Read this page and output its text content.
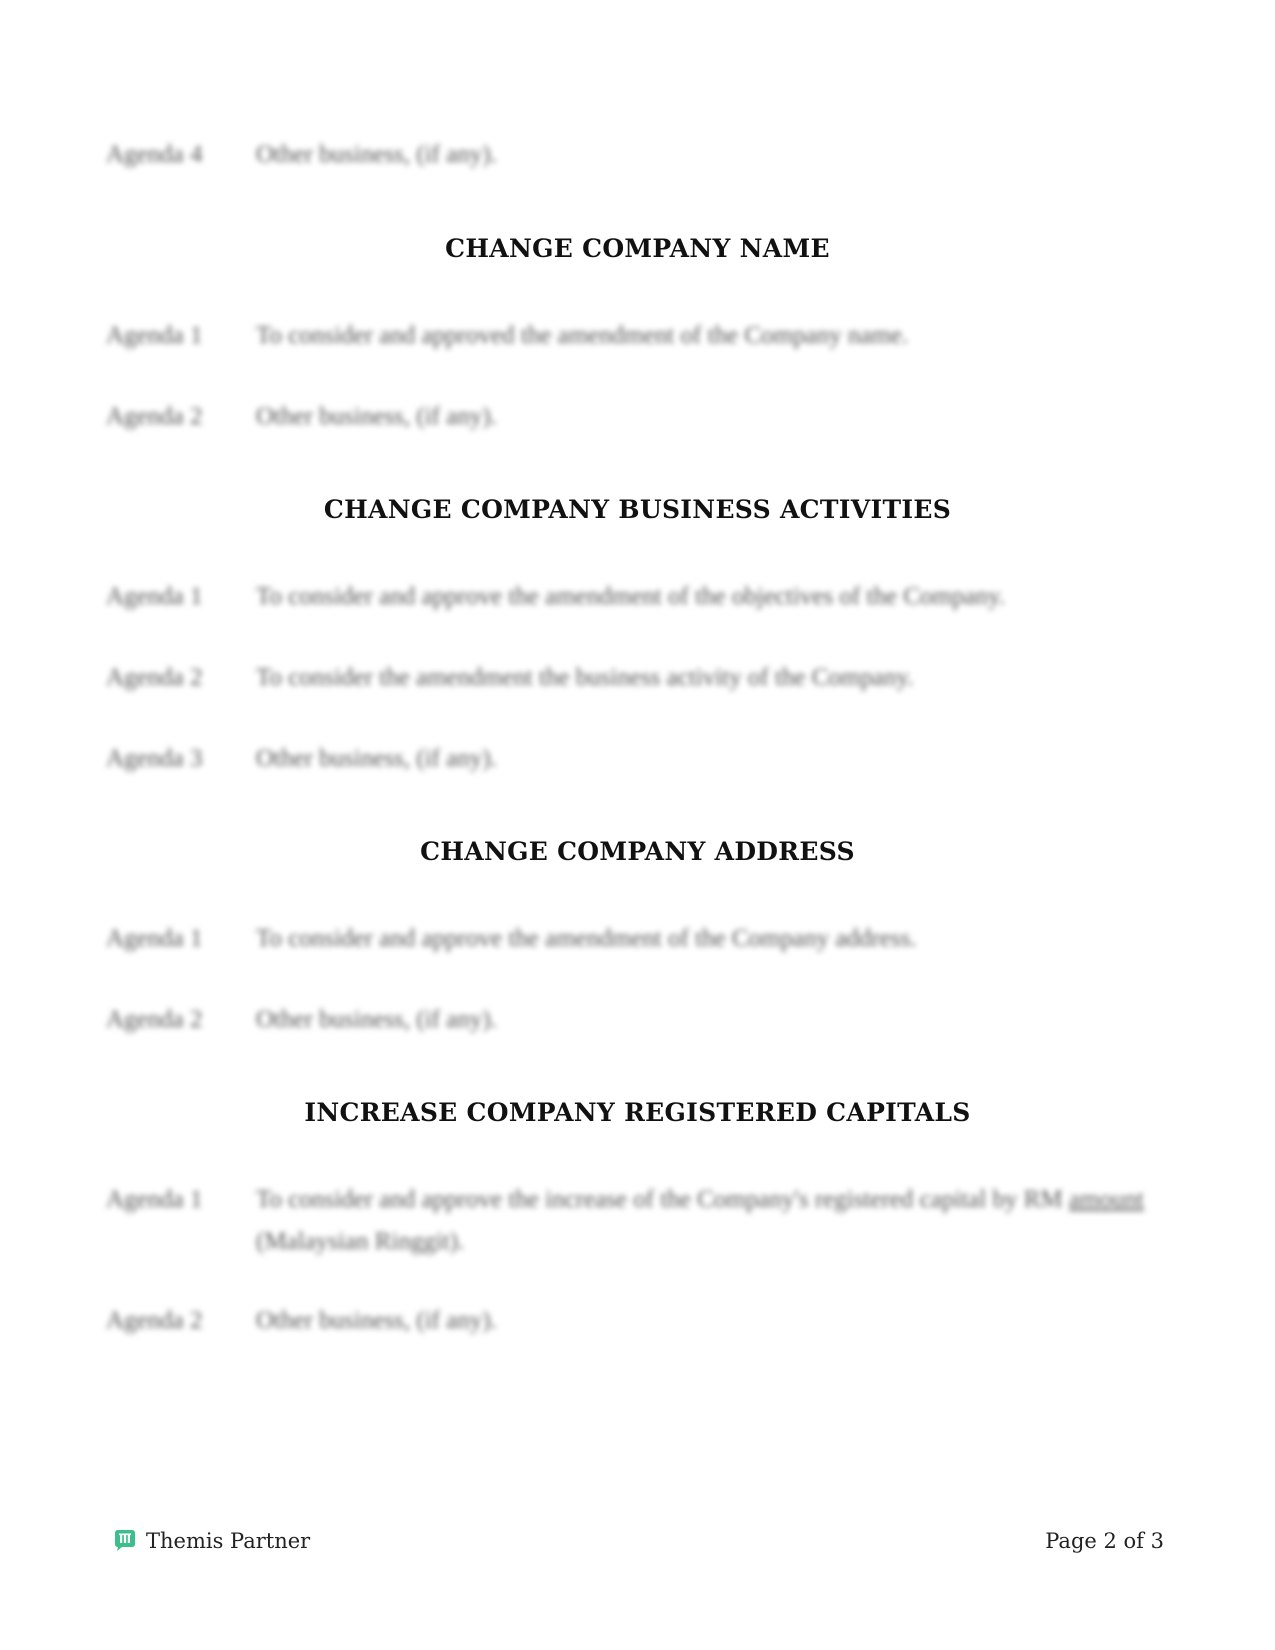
Agenda 4	Other business, (if any).
CHANGE COMPANY NAME
Agenda 1	To consider and approved the amendment of the Company name.
Agenda 2	Other business, (if any).
CHANGE COMPANY BUSINESS ACTIVITIES
Agenda 1	To consider and approve the amendment of the objectives of the Company.
Agenda 2	To consider the amendment the business activity of the Company.
Agenda 3	Other business, (if any).
CHANGE COMPANY ADDRESS
Agenda 1	To consider and approve the amendment of the Company address.
Agenda 2	Other business, (if any).
INCREASE COMPANY REGISTERED CAPITALS
Agenda 1	To consider and approve the increase of the Company's registered capital by RM amount (Malaysian Ringgit).
Agenda 2	Other business, (if any).
Themis Partner	Page 2 of 3
